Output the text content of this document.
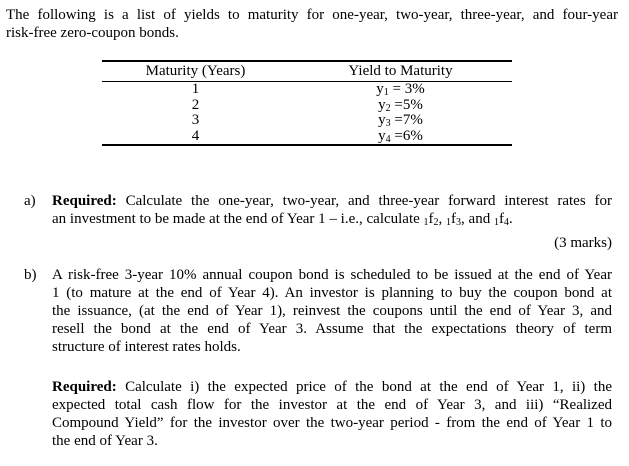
The following is a list of yields to maturity for one-year, two-year, three-year, and four-year
risk-free zero-coupon bonds.
Maturity (Years)	Yield to Maturity
1	$y_1 = 3\%$
2	$y_2 =5\%$
3	$y_3 =7\%$
4	$y_4 =6\%$
a)	Required: Calculate the one-year, two-year, and three-year forward interest rates for
an investment to be made at the end of Year 1 – i.e., calculate $_1f_2$, $_1f_3$, and $_1f_4$.
(3 marks)
b)	A risk-free 3-year 10% annual coupon bond is scheduled to be issued at the end of Year
1 (to mature at the end of Year 4). An investor is planning to buy the coupon bond at
the issuance, (at the end of Year 1), reinvest the coupons until the end of Year 3, and
resell the bond at the end of Year 3. Assume that the expectations theory of term
structure of interest rates holds.
Required: Calculate i) the expected price of the bond at the end of Year 1, ii) the
expected total cash flow for the investor at the end of Year 3, and iii) “Realized
Compound Yield” for the investor over the two-year period - from the end of Year 1 to
the end of Year 3.
